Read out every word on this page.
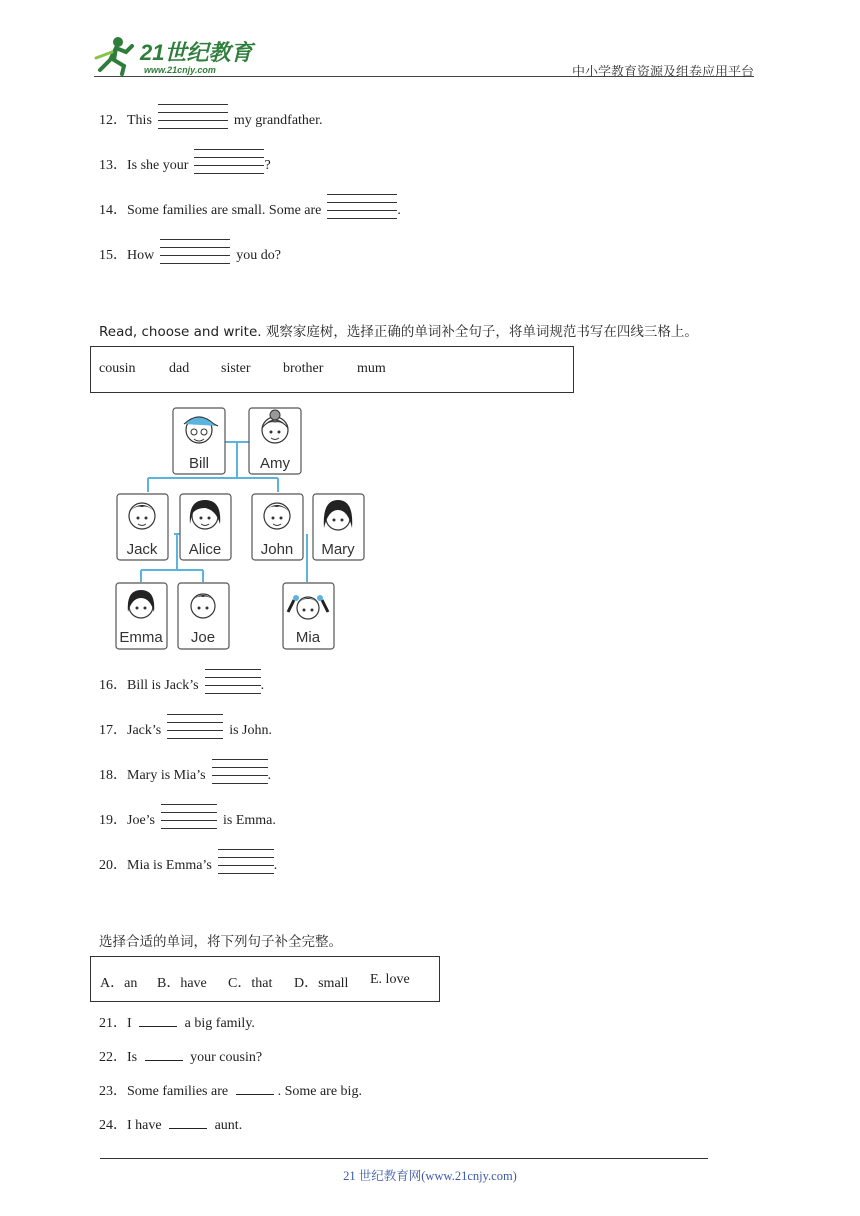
21世纪教育
www.21cnjy.com	中小学教育资源及组卷应用平台
12．This	my grandfather.
13．Is she your	?
14．Some families are small. Some are	.
15．How	you do?
Read, choose and write. 观察家庭树，选择正确的单词补全句子，将单词规范书写在四线三格上。
cousin dad sister brother mum
Bill	Amy
Jack Alice	John Mary
Emma Joe	Mia
16．Bill is Jack’s	.
17．Jack’s	is John.
18．Mary is Mia’s	.
19．Joe’s	is Emma.
20．Mia is Emma’s	.
选择合适的单词，将下列句子补全完整。
A．an B．have C．that D．small E. love
21．I	a big family.
22．Is	your cousin?
23．Some families are	. Some are big.
24．I have	aunt.
21 世纪教育网(www.21cnjy.com)
